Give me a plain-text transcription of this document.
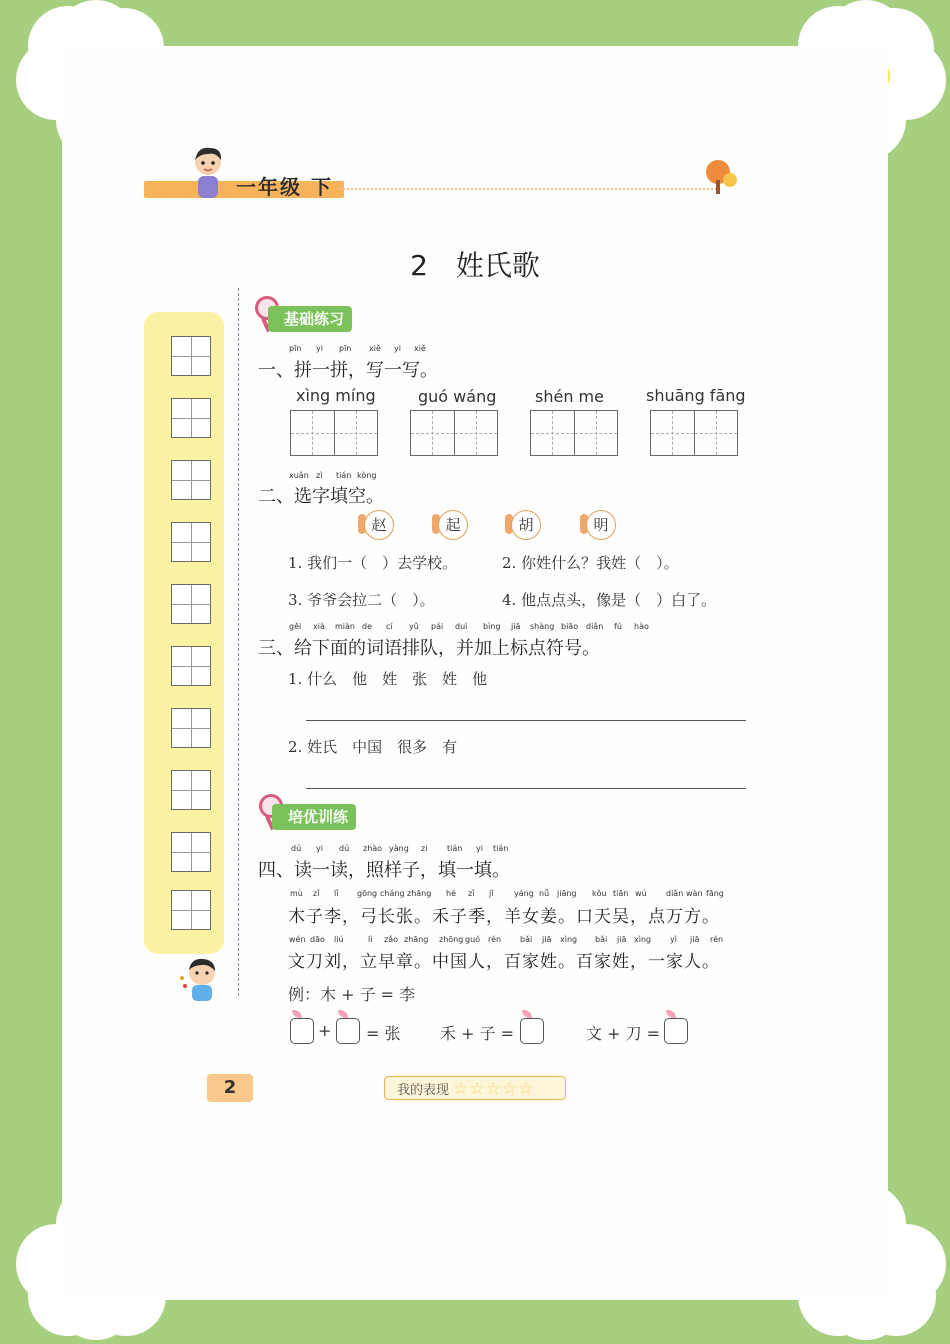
一年级 下
2　姓氏歌
基础练习
pīn yi pīn xiě yi xiě
一、拼一拼，写一写。
xìng míng	guó wáng shén me	shuāng fāng
xuǎn zì tián kòng
二、选字填空。
赵	起	胡	明
1. 我们一（　）去学校。	2. 你姓什么？我姓（　）。
3. 爷爷会拉二（　）。	4. 他点点头，像是（　）白了。
gěi xià miàn de cí yǔ pái duì bìng jiā shàng biāo diǎn fú hào
三、给下面的词语排队，并加上标点符号。
1. 什么　他　姓　张　姓　他
2. 姓氏　中国　很多　有
培优训练
dú yi dú zhào yàng zi tián yi tián
四、读一读，照样子，填一填。
mù zǐ lǐ gōng cháng zhāng hé zǐ jǐ	yáng nǚ jiāng kǒu tiān wú diǎn wàn fāng
木子李，弓长张。禾子季，羊女姜。口天吴，点万方。
wén dāo liú	lì zǎo zhāng zhōng guó rén bǎi jiā xìng bǎi jiā xìng yì jiā rén
文刀刘，立早章。中国人，百家姓。百家姓，一家人。
例：木 + 子 = 李
+ = 张 禾 + 子 =	文 + 刀 =
2	我的表现 ☆☆☆☆☆
